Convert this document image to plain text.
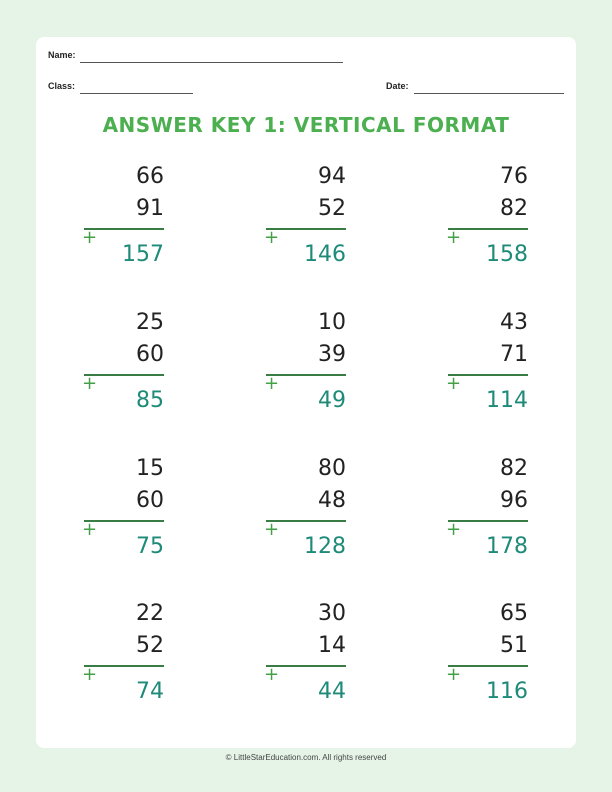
Name:
Class:	Date:
ANSWER KEY 1: VERTICAL FORMAT
66
91
+
157
94
52
+
146
76
82
+
158
25
60
+
85
10
39
+
49
43
71
+
114
15
60
+
75
80
48
+
128
82
96
+
178
22
52
+
74
30
14
+
44
65
51
+
116
© LittleStarEducation.com. All rights reserved
